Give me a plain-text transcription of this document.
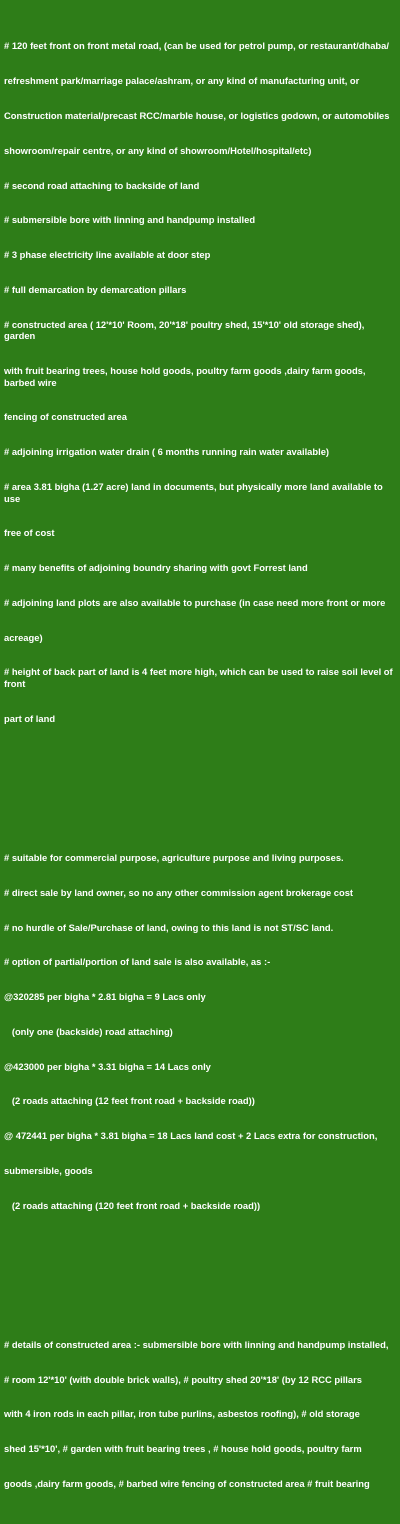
# 120 feet front on front metal road, (can be used for petrol pump, or restaurant/dhaba/

refreshment park/marriage palace/ashram, or any kind of manufacturing unit, or

Construction material/precast RCC/marble house, or logistics godown, or automobiles

showroom/repair centre, or any kind of showroom/Hotel/hospital/etc)

# second road attaching to backside of land

# submersible bore with linning and handpump installed

# 3 phase electricity line available at door step

# full demarcation by demarcation pillars

# constructed area ( 12'*10' Room, 20'*18' poultry shed, 15'*10' old storage shed), garden

with fruit bearing trees, house hold goods, poultry farm goods ,dairy farm goods, barbed wire

fencing of constructed area

# adjoining irrigation water drain ( 6 months running rain water available)

# area 3.81 bigha (1.27 acre) land in documents, but physically more land available to use

free of cost

# many benefits of adjoining boundry sharing with govt Forrest land

# adjoining land plots are also available to purchase (in case need more front or more

acreage)

# height of back part of land is 4 feet more high, which can be used to raise soil level of front

part of land

# suitable for commercial purpose, agriculture purpose and living purposes.

# direct sale by land owner, so no any other commission agent brokerage cost

# no hurdle of Sale/Purchase of land, owing to this land is not ST/SC land.

# option of partial/portion of land sale is also available, as :-

@320285 per bigha * 2.81 bigha = 9 Lacs only

(only one (backside) road attaching)

@423000 per bigha * 3.31 bigha = 14 Lacs only

(2 roads attaching (12 feet front road + backside road))

@ 472441 per bigha * 3.81 bigha = 18 Lacs land cost + 2 Lacs extra for construction,

submersible, goods

(2 roads attaching (120 feet front road + backside road))

# details of constructed area :- submersible bore with linning and handpump installed,

# room 12'*10' (with double brick walls), # poultry shed 20'*18' (by 12 RCC pillars

with 4 iron rods in each pillar, iron tube purlins, asbestos roofing), # old storage

shed 15'*10', # garden with fruit bearing trees , # house hold goods, poultry farm

goods ,dairy farm goods, # barbed wire fencing of constructed area # fruit bearing
